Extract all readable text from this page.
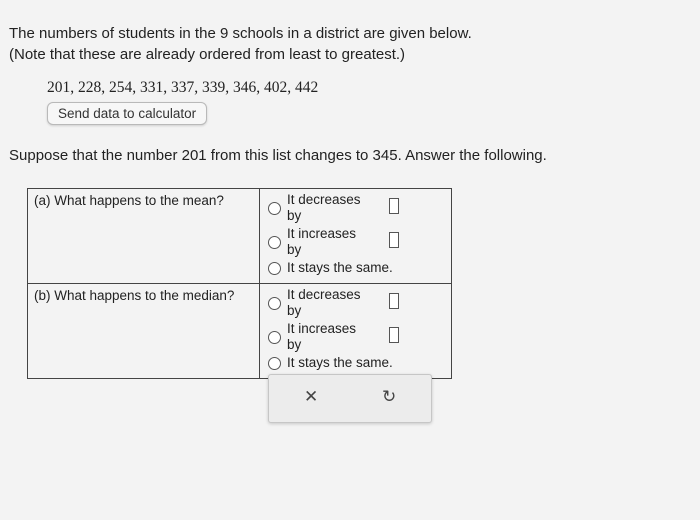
The numbers of students in the 9 schools in a district are given below.
(Note that these are already ordered from least to greatest.)
201, 228, 254, 331, 337, 339, 346, 402, 442
Send data to calculator
Suppose that the number 201 from this list changes to 345. Answer the following.
(a) What happens to the mean?	It decreases
by
It increases
by
It stays the same.

(b) What happens to the median?	It decreases
by
It increases
by
It stays the same.
✕	↻
